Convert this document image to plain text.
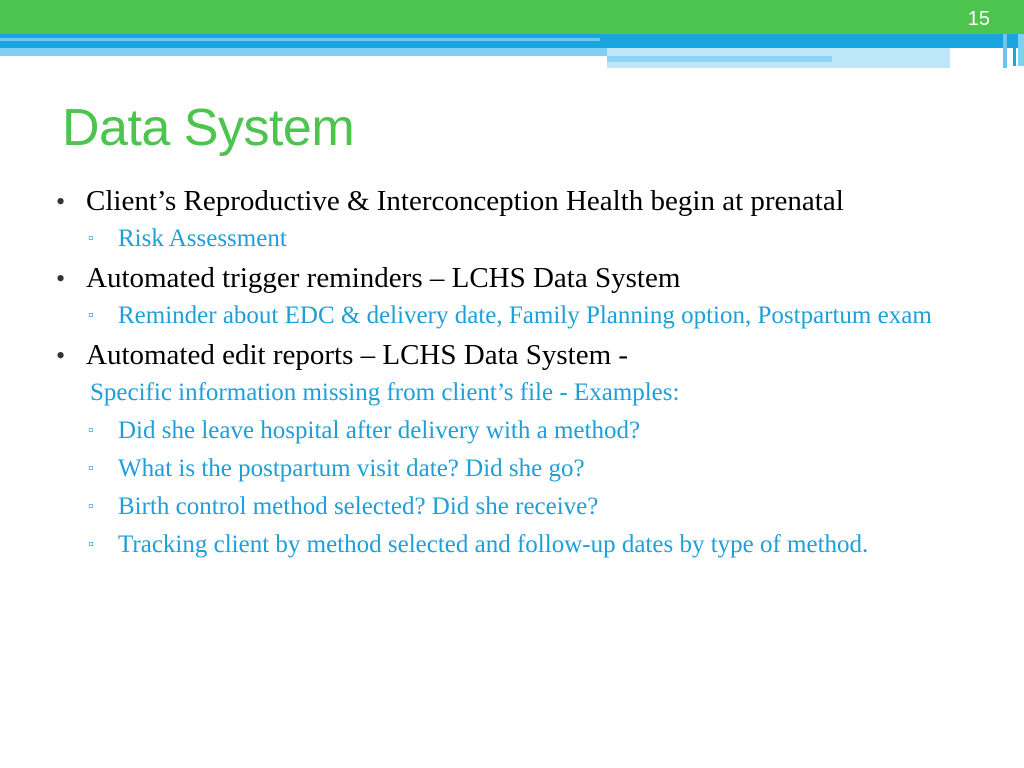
15
Data System
• Client’s Reproductive & Interconception Health begin at prenatal
▫ Risk Assessment
• Automated trigger reminders – LCHS Data System
▫ Reminder about EDC & delivery date, Family Planning option, Postpartum exam
• Automated edit reports – LCHS Data System -
Specific information missing from client’s file - Examples:
▫ Did she leave hospital after delivery with a method?
▫ What is the postpartum visit date? Did she go?
▫ Birth control method selected? Did she receive?
▫ Tracking client by method selected and follow-up dates by type of method.
